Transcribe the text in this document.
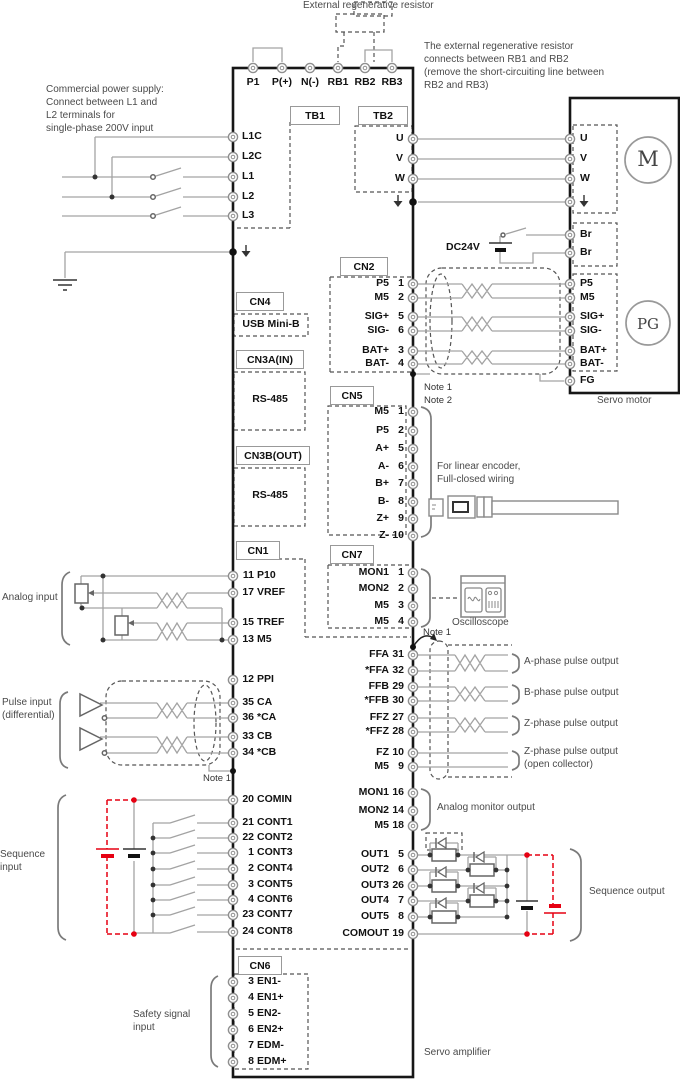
External regenerative resistor
The external regenerative resistor
connects between RB1 and RB2
(remove the short-circuiting line between
RB2 and RB3)
P1	P(+) N(-) RB1 RB2 RB3
TB1	TB2
Commercial power supply:
Connect between L1 and
L2 terminals for
single-phase 200V input
L1C
L2C
L1
L2
L3
U
V
W
U
V
W
Br
Br
DC24V
M
PG
Servo motor
P5
M5
SIG+
SIG-
BAT+
BAT-
FG
CN2
P5 1
M5 2
SIG+ 5
SIG- 6
BAT+ 3
BAT- 4
Note 1
Note 2
CN4
USB Mini-B
CN3A(IN)
RS-485
CN3B(OUT)
RS-485
CN5
M5 1
P5 2
A+ 5
A- 6
B+ 7
B- 8
Z+ 9
Z- 10
For linear encoder,
Full-closed wiring
CN1
Analog input
11 P10
17 VREF
15 TREF
13 M5
12 PPI
Pulse input
(differential)
35 CA
36 *CA
33 CB
34 *CB
Note 1
Sequence
input
20 COMIN
21 CONT1
22 CONT2
1 CONT3
2 CONT4
3 CONT5
4 CONT6
23 CONT7
24 CONT8
CN7
MON1 1
MON2 2
M5 3
M5 4	Oscilloscope
Note 1
FFA 31
*FFA 32
FFB 29
*FFB 30
FFZ 27
*FFZ 28
FZ 10
M5 9
A-phase pulse output
B-phase pulse output
Z-phase pulse output
Z-phase pulse output
(open collector)
MON1 16
MON2 14
M5 18
Analog monitor output
OUT1 5
OUT2 6
OUT3 26
OUT4 7
OUT5 8
COMOUT 19
Sequence output
CN6
Safety signal
input
3 EN1-
4 EN1+
5 EN2-
6 EN2+
7 EDM-
8 EDM+
Servo amplifier
